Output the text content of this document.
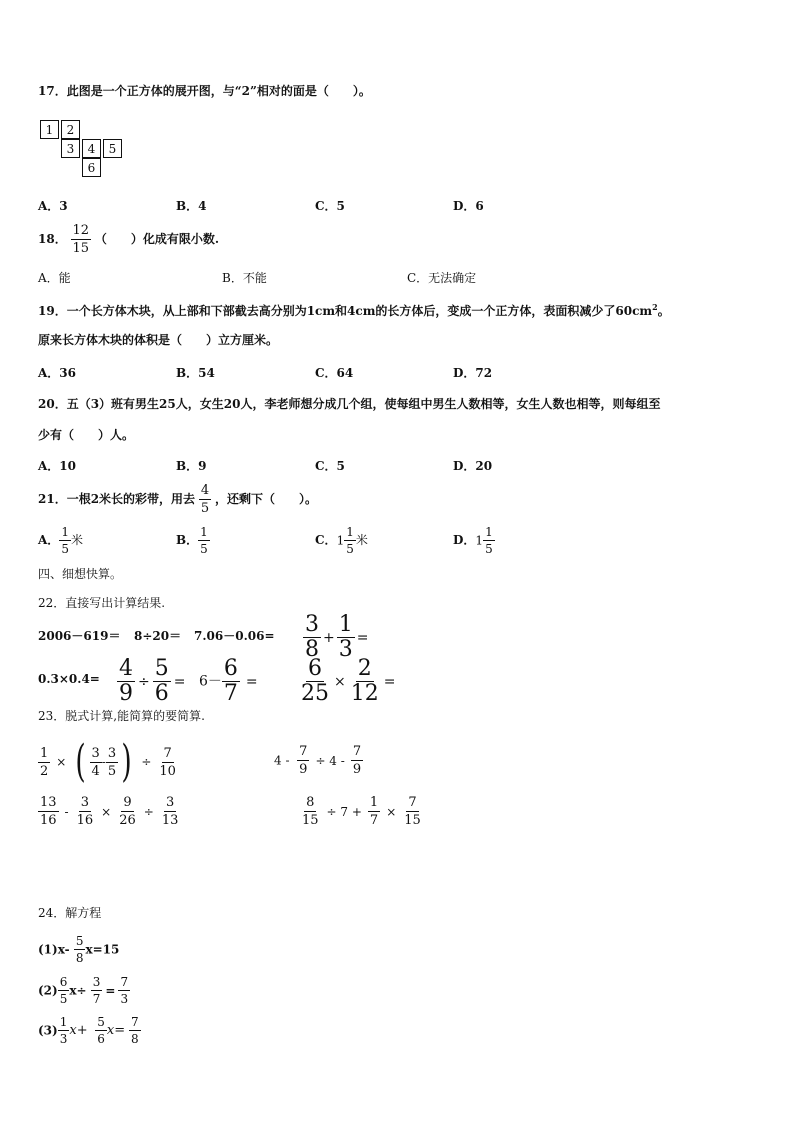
17．此图是一个正方体的展开图，与“2”相对的面是（　　）。
1	2
3	4	5
6
A．3	B．4	C．5	D．6
18． $\frac{12}{15}$ （　　）化成有限小数.
A．能	B．不能	C．无法确定
19．一个长方体木块，从上部和下部截去高分别为1cm和4cm的长方体后，变成一个正方体，表面积减少了$60cm^2$。
原来长方体木块的体积是（　　）立方厘米。
A．36	B．54	C．64	D．72
20．五（3）班有男生25人，女生20人，李老师想分成几个组，使每组中男生人数相等，女生人数也相等，则每组至
少有（　　）人。
A．10	B．9	C．5	D．20
21．一根2米长的彩带，用去 $\frac{4}{5}$ ，还剩下（　　）。
A． $\frac{1}{5}$ 米	B． $\frac{1}{5}$	C．$1 \frac{1}{5}$ 米	D．$1 \frac{1}{5}$
四、细想快算。
22．直接写出计算结果.
$2006-619= 8\div 20= 7.06-0.06= \frac{3}{8} + \frac{1}{3}$ =
$0.3\times 0.4= \frac{4}{9} \div \frac{5}{6} = 6- \frac{6}{7} = \frac{6}{25} \times \frac{2}{12}$ =
23．脱式计算,能简算的要简算.
$\frac{1}{2}$ × ( $\frac{3}{4} - \frac{3}{5}$ ) ÷ $\frac{7}{10}$	$4 - \frac{7}{9} \div 4 - \frac{7}{9}$
$\frac{13}{16} - \frac{3}{16} \times \frac{9}{26} \div \frac{3}{13}$	$\frac{8}{15} \div 7 + \frac{1}{7} \times \frac{7}{15}$
24．解方程
$(1)x- \frac{5}{8} x=15$
$(2) \frac{6}{5} x\div \frac{3}{7} = \frac{7}{3}$
$(3) \frac{1}{3} x+ \frac{5}{6} x= \frac{7}{8}$
